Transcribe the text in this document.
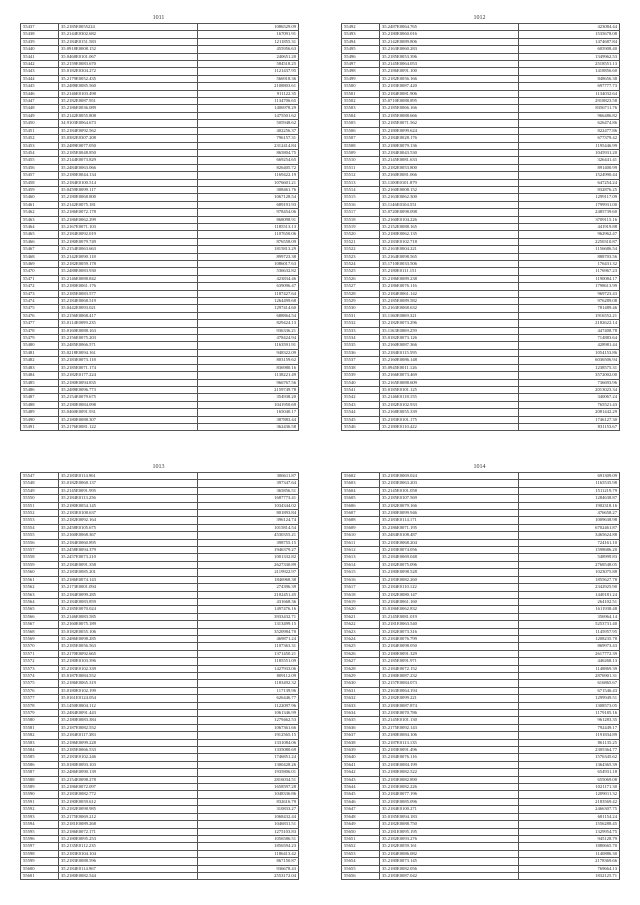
1011
55437	35.2185E0055224	1086529.09
55438	35.2144E0302.682	167091.91
55439	35.2184E0151.583	1211855.31
55440	35.0918E0008.152	455956.63
55441	35.0468E0101.067	240651.20
55442	35.2159E0083.670	584518.25
55443	35.0182E0304.272	1121437.95
55444	35.2179E0052.435	566918.36
55445	35.2488E0085.560	2108803.61
55446	35.2146E0103.498	911122.35
55447	35.2182E0087.951	1134706.65
55448	35.2186E0036.089	1406978.29
55449	35.2142E0055.808	1475501.62
55450	34.9103E0064.673	505948.62
55451	35.2184E0092.562	402256.37
55452	35.0382E0307.208	796157.31
55453	35.2489E0077.050	2312414.84
55454	35.2185E0048.850	865804.75
55455	35.2144E0073.829	669254.65
55456	35.2484E0063.066	826405.72
55457	35.2180E0044.134	1169422.19
55458	35.2184E0100.514	1076601.21
55459	35.0459E0099.117	308461.76
55460	35.2180E0068.800	1067128.54
55461	35.2142E0075.181	689191.93
55462	35.2186E0072.178	978454.06
55463	35.2186E0062.299	868098.91
55464	35.2167E0071.103	1185513.13
55465	35.2184E0092.019	1107650.06
55466	35.2180E0079.749	876558.09
55467	35.2154E0063.663	1815813.29
55468	35.2142E0090.118	899723.38
55469	35.2182E0059.178	1086017.63
55470	35.2488E0083.930	536632.82
55471	35.2146E0088.842	423834.46
55472	35.2180E0061.176	639096.47
55473	35.2185E0083.577	1187427.64
55474	35.2184E0068.519	1264499.68
55475	35.0442E0093.021	1297414.60
55476	35.2156E0068.417	688864.54
55477	35.0114E0099.235	829424.13
55478	35.0160E0088.163	936336.21
55479	35.2156E0075.203	478424.94
55480	35.2485E0066.571	1163591.91
55481	35.0218E0094.161	948322.09
55482	35.2183E0073.118	803159.62
55483	35.2185E0071.174	836980.16
55484	35.2182E0177.224	1138221.49
55485	35.2180E0094.835	966767.56
55486	35.2488E0096.773	2159749.78
55487	35.2154E0079.675	354938.20
55488	35.2180E0084.098	1041950.69
55489	35.0460E0091.931	165040.17
55490	35.2180E0088.307	387883.44
55491	35.2176E0081.122	362436.58
1012
55492	35.2487E0064.765	423084.44
55493	35.2180E0060.016	1535678.08
55494	35.2142E0089.806	1474687.84
55495	35.2163E0060.283	605908.40
55496	35.2185E0053.396	1349962.53
55497	35.2145E0064.053	2518551.13
55498	35.2186E0091.100	1418856.60
55499	35.2182E0056.166	848656.38
55500	35.2183E0087.420	697777.73
55501	35.2184E0081.906	1134032.64
55502	35.0710E0088.895	2918823.58
55503	35.2185E0066.166	8356711.76
55504	35.2185E0088.666	966486.82
55505	35.2185E0071.562	626474.86
55506	35.2180E0099.624	822477.86
55507	35.2184E0028.176	677379.42
55508	35.2180E0079.136	1195446.99
55509	35.2184E0043.530	1045931.20
55510	35.2145E0081.633	326441.41
55511	35.2182E0053.800	891400.99
55512	35.2160E0081.066	1524990.44
55513	35.1100E0101.879	647254.24
55514	35.2160E0008.152	832876.25
55515	35.2163E0062.300	1299117.09
55516	35.1146E0104.551	1799931.00
55517	35.0720E0098.098	2485739.60
55518	35.2160E0104.226	3709115.16
55519	35.2152E0088.165	441919.88
55520	35.2180E0062.135	962962.47
55521	35.2183E0102.718	2250310.87
55522	35.2163E0004.221	1156686.54
55523	35.2164E0098.565	888703.56
55524	35.1710E0033.506	176431.32
55525	35.2180E0111.151	1176967.23
55526	35.2186E0089.238	1190084.17
55527	35.2186E0076.116	1798613.99
55528	35.2184E0061.142	969723.43
55529	35.2185E0089.582	976289.08
55530	35.2163E0068.632	781489.46
55531	35.1160E0069.321	1916552.21
55532	35.2182E0073.296	2182622.14
55533	35.1163E0069.259	447408.78
55534	35.0182E0073.126	714883.64
55535	35.2160E0087.366	428981.44
55536	35.2184E0115.595	1054153.86
55537	35.2160E0086.148	6036506.94
55538	35.0945E0011.126	1238575.31
55539	35.2166E0073.469	3572002.00
55540	35.2165E0088.609	736693.96
55541	35.0185E0101.125	2013023.34
55542	35.2146E0118.155	340067.24
55543	35.2182E0102.933	765521.43
55544	35.2168E0055.339	2081442.29
55545	35.2183E0101.175	1746127.30
55546	35.2180E0110.422	831153.67
1013
55547	35.2183E0114.961	306611.87
55548	35.0182E0068.137	397347.64
55549	35.2145E0091.995	365856.51
55550	35.2184E0113.256	1687773.41
55551	35.2180E0054.145	1034344.02
55552	35.2183E0108.637	801893.84
55553	35.2182E0092.164	396124.74
55554	35.2458E0105.675	1015814.54
55555	35.2160E0068.367	4530355.21
55556	35.2184E0060.895	398755.15
55557	35.2458E0094.379	1946379.27
55558	35.2457E0073.210	1001332.82
55559	35.2184E0091.358	2627330.89
55560	35.2183E0085.201	2119922.97
55561	35.2186E0074.143	1846968.38
55562	35.2173E0001.094	274396.39
55563	35.2184E0099.285	2102451.45
55564	35.2184E0083.859	431668.36
55565	35.2185E0070.024	1497476.16
55566	35.2146E0083.585	3933432.71
55567	35.2160E0075.189	1313499.15
55568	35.0182E0055.106	3520984.70
55569	35.2486E0098.285	469871.24
55570	35.2185E0056.563	1107363.31
55571	35.2170E0092.665	1371450.21
55572	35.2180E0103.396	1185551.09
55573	35.2183E0102.339	1427933.06
55574	35.0187E0084.552	809112.09
55575	35.2186E0065.319	1183492.32
55576	35.0180E0102.199	117139.96
55577	35.0161E0124.054	626446.77
55578	35.1450E0004.112	1122097.96
55579	35.2484E0091.443	1061346.99
55580	35.2180E0083.384	1279462.53
55581	35.2187E0082.552	1067361.66
55582	35.2184E0117.383	1912565.15
55583	35.2186E0099.228	1331084.06
55584	35.2185E0066.533	1335080.69
55585	35.2183E0102.246	1746851.24
55586	35.0180E0093.103	1300428.26
55587	35.2486E0090.139	1935806.01
55588	35.2154E0098.278	2816034.51
55589	35.2186E0072.097	1658597.28
55590	35.2183E0082.772	1048336.86
55591	35.2180E0059.612	832616.79
55592	35.2182E0098.985	310833.27
55593	35.2175E0069.212	1068432.44
55594	35.2181E0089.268	1046831.51
55595	35.2186E0072.171	1275103.83
55596	35.2180E0095.253	1056586.51
55597	35.2135E0112.235	1856594.23
55598	35.2183E0104.104	1186413.42
55599	35.2183E0088.596	867150.87
55600	35.2184E0114.967	936678.43
55601	35.2180E0082.544	2553172.04
1014
55602	35.2183E0069.024	691309.09
55603	35.2183E0063.203	1165535.98
55604	35.2145E0101.058	1511219.79
55605	35.2185E0107.569	1284638.87
55606	35.2182E0079.166	1902318.16
55607	35.2180E0099.946	476658.27
55608	35.2183E0114.171	1009638.98
55609	35.2186E0071.195	6702461.87
55610	35.2484E0108.487	3465624.88
55611	35.2183E0068.204	724161.10
55612	35.2183E0074.056	1598686.20
55613	35.2184E0069.048	548999.83
55614	35.2182E0075.096	2768548.05
55615	35.2180E0098.528	1023075.88
55616	35.2183E0082.260	1855627.78
55617	35.2184E0110.122	2342925.90
55618	35.2182E0080.147	1440181.24
55619	35.2184E0061.160	264102.51
55620	35.0186E0062.832	1611938.48
55621	35.2145E0081.019	356964.14
55622	35.2181E0063.540	5253731.40
55623	35.2182E0073.316	1145957.95
55624	35.2184E0076.799	1208235.78
55625	35.2184E0098.050	869973.43
55626	35.2180E0091.329	2617772.39
55627	35.2185E0091.971	446268.13
55628	35.2184E0072.152	1148869.39
55629	35.2180E0087.232	2876901.31
55630	35.2157E0084.073	616865.67
55631	35.2163E0064.194	671546.43
55632	35.2182E0099.221	1299949.51
55633	35.2183E0087.874	1308573.05
55634	35.2183E0070.786	1179185.16
55635	35.2145E0101.130	961283.35
55636	35.2175E0092.143	792449.17
55637	35.2180E0084.106	1191834.89
55638	35.2187E0113.135	861135.25
55639	35.2183E0091.496	2305364.77
55640	35.2184E0076.116	1576345.62
55641	35.2183E0084.199	1364365.39
55642	35.2180E0082.522	654931.18
55643	35.2183E0082.890	655069.08
55644	35.2183E0082.226	1021171.30
55645	35.2184E0077.196	1209011.32
55646	35.2183E0085.096	2183569.42
55647	35.2184E0100.271	2466307.75
55648	35.0185E0094.183	681154.24
55649	35.2182E0088.750	1556288.45
55650	35.2181E0095.195	1329954.75
55651	35.2182E0093.276	945128.79
55652	35.2182E0059.161	1880665.70
55653	35.2184E0086.082	1140886.30
55654	35.2180E0073.145	2178369.66
55655	35.2180E0082.056	769664.13
55656	35.2183E0087.042	1832125.71
